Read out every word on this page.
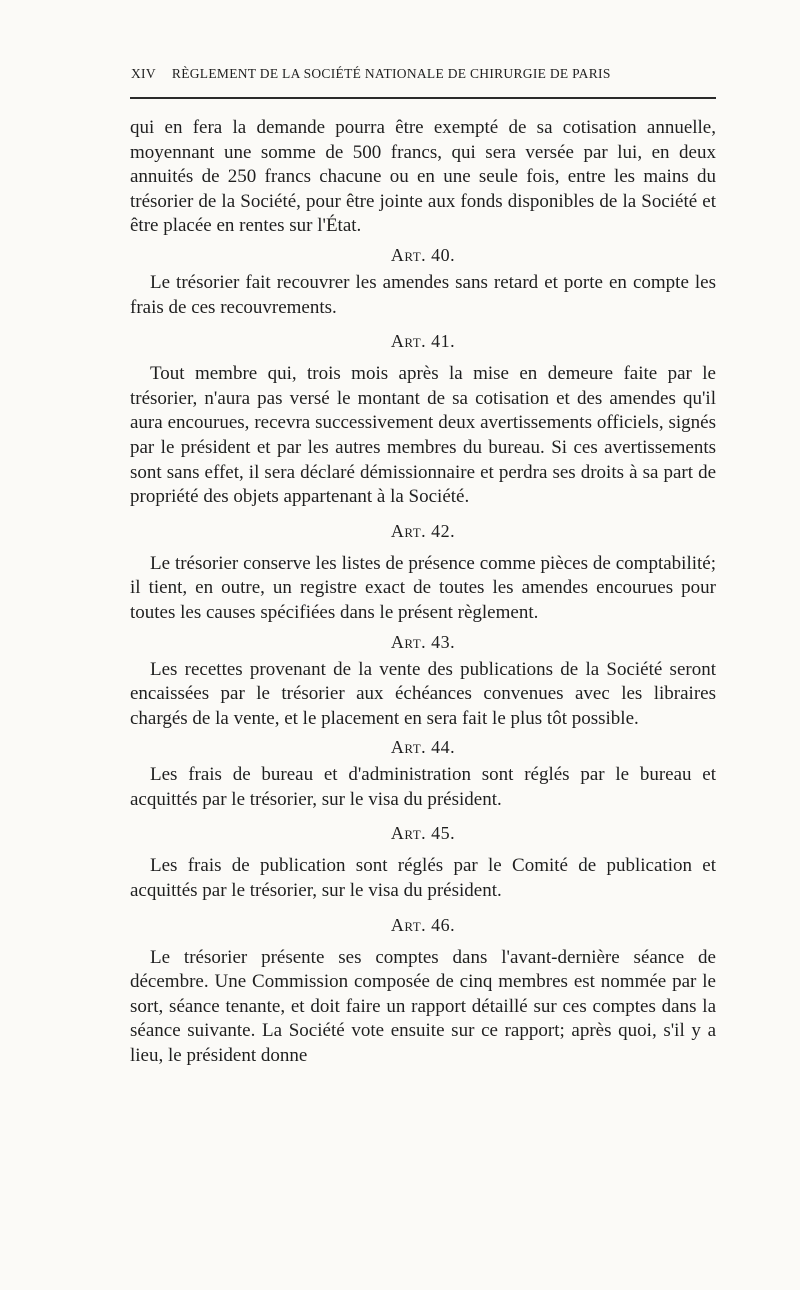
XIV RÈGLEMENT DE LA SOCIÉTÉ NATIONALE DE CHIRURGIE DE PARIS

qui en fera la demande pourra être exempté de sa cotisation annuelle, moyennant une somme de 500 francs, qui sera versée par lui, en deux annuités de 250 francs chacune ou en une seule fois, entre les mains du trésorier de la Société, pour être jointe aux fonds disponibles de la Société et être placée en rentes sur l'État.

Art. 40.

Le trésorier fait recouvrer les amendes sans retard et porte en compte les frais de ces recouvrements.

Art. 41.

Tout membre qui, trois mois après la mise en demeure faite par le trésorier, n'aura pas versé le montant de sa cotisation et des amendes qu'il aura encourues, recevra successivement deux avertissements officiels, signés par le président et par les autres membres du bureau. Si ces avertissements sont sans effet, il sera déclaré démissionnaire et perdra ses droits à sa part de propriété des objets appartenant à la Société.

Art. 42.

Le trésorier conserve les listes de présence comme pièces de comptabilité; il tient, en outre, un registre exact de toutes les amendes encourues pour toutes les causes spécifiées dans le présent règlement.

Art. 43.

Les recettes provenant de la vente des publications de la Société seront encaissées par le trésorier aux échéances convenues avec les libraires chargés de la vente, et le placement en sera fait le plus tôt possible.

Art. 44.

Les frais de bureau et d'administration sont réglés par le bureau et acquittés par le trésorier, sur le visa du président.

Art. 45.

Les frais de publication sont réglés par le Comité de publication et acquittés par le trésorier, sur le visa du président.

Art. 46.

Le trésorier présente ses comptes dans l'avant-dernière séance de décembre. Une Commission composée de cinq membres est nommée par le sort, séance tenante, et doit faire un rapport détaillé sur ces comptes dans la séance suivante. La Société vote ensuite sur ce rapport; après quoi, s'il y a lieu, le président donne
